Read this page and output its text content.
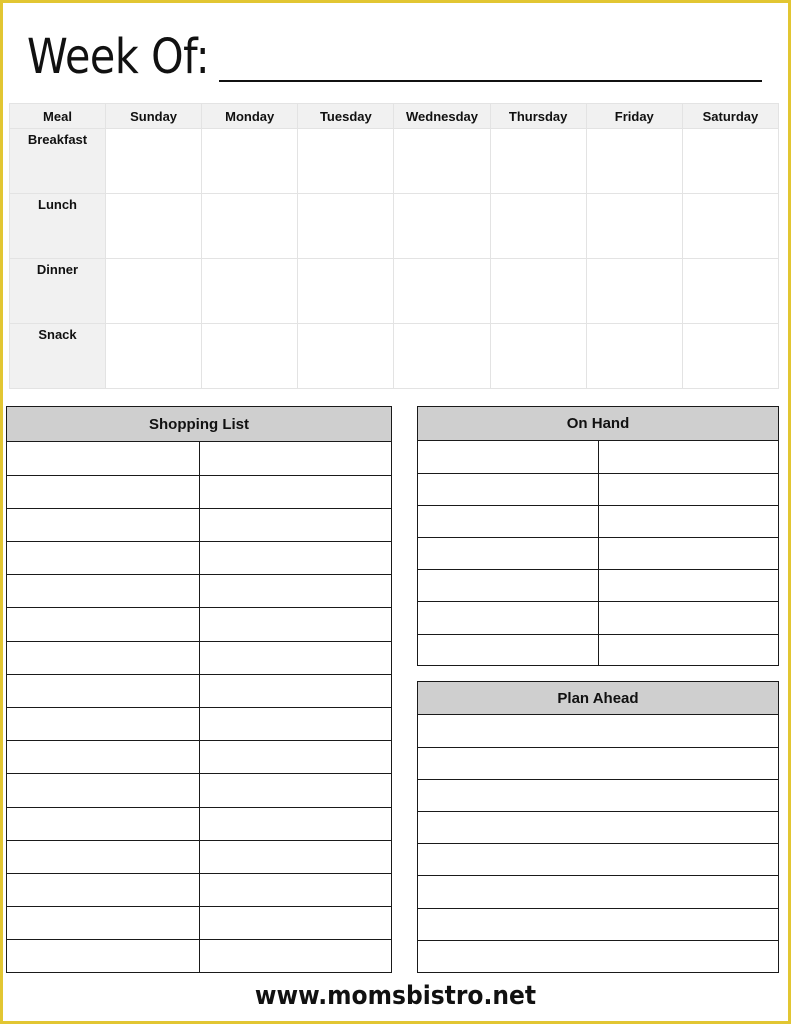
Week Of:
Meal	Sunday	Monday	Tuesday	Wednesday	Thursday	Friday	Saturday
Breakfast							
Lunch							
Dinner							
Snack							
Shopping List

		On Hand

Plan Ahead

www.momsbistro.net
